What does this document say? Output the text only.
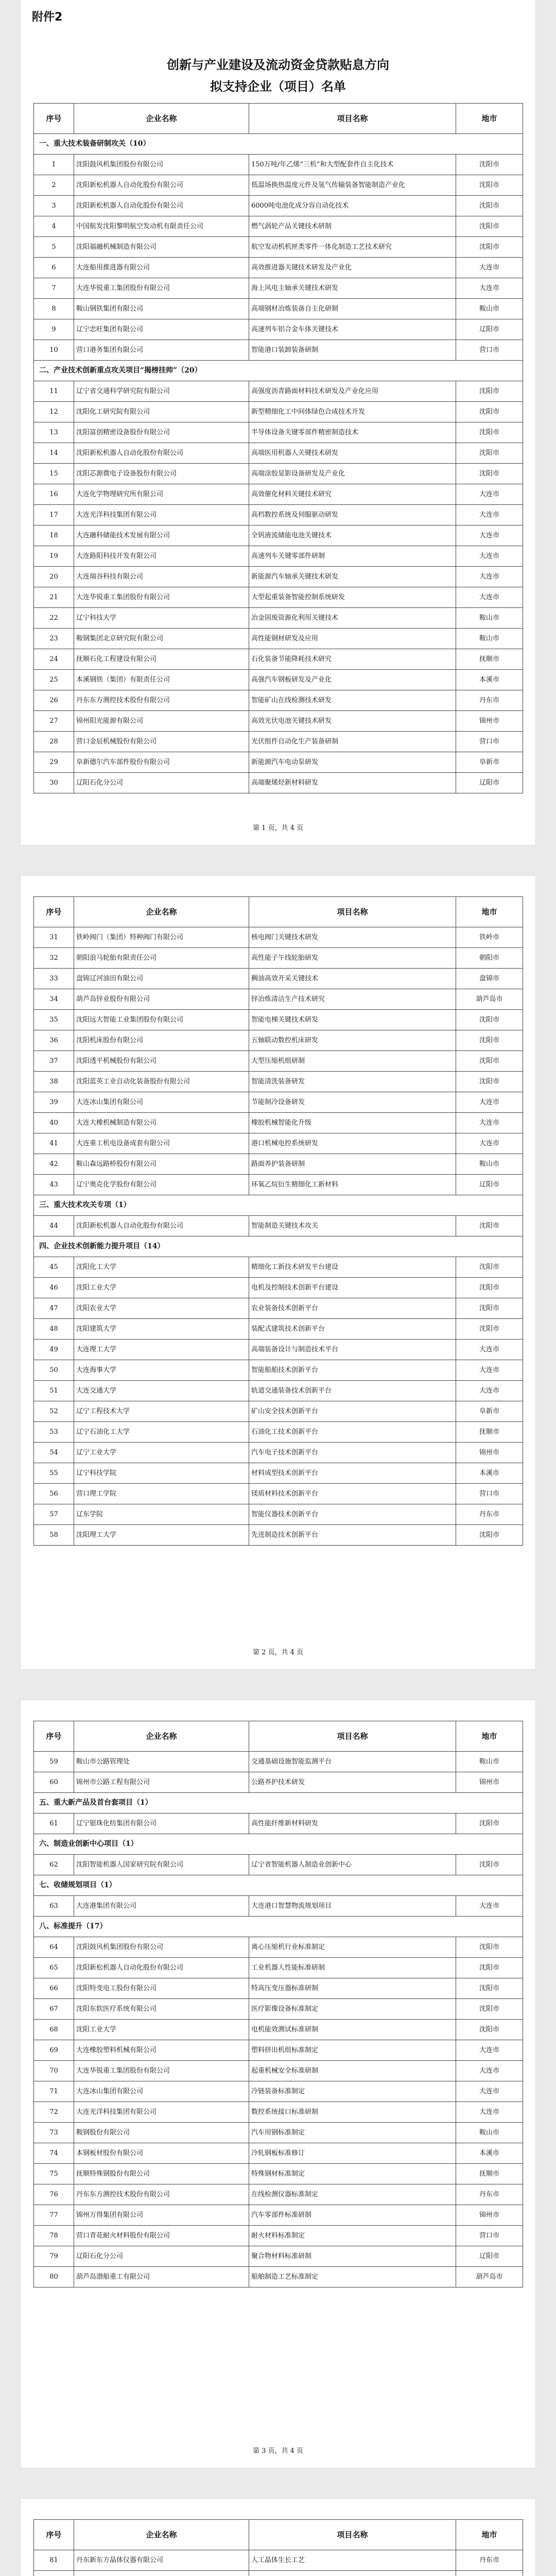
附件2
创新与产业建设及流动资金贷款贴息方向
拟支持企业（项目）名单
序号	企业名称	项目名称	地市
一、重大技术装备研制攻关（10）			
1	沈阳鼓风机集团股份有限公司	150万吨/年乙烯“三机”和大型配套件自主化技术	沈阳市
2	沈阳新松机器人自动化股份有限公司	低温场换热温度元件及氢气传输装备智能制造产业化	沈阳市
3	沈阳新松机器人自动化股份有限公司	6000吨电池化成分容自动化技术	沈阳市
4	中国航发沈阳黎明航空发动机有限责任公司	燃气涡轮产品关键技术研制	沈阳市
5	沈阳福融机械制造有限公司	航空发动机机匣类零件一体化制造工艺技术研究	沈阳市
6	大连船用推进器有限公司	高效推进器关键技术研发及产业化	大连市
7	大连华锐重工集团股份有限公司	海上风电主轴承关键技术研发	大连市
8	鞍山钢铁集团有限公司	高端钢材冶炼装备自主化研制	鞍山市
9	辽宁忠旺集团有限公司	高速列车铝合金车体关键技术	辽阳市
10	营口港务集团有限公司	智能港口装卸装备研制	营口市
二、产业技术创新重点攻关项目“揭榜挂帅”（20）			
11	辽宁省交通科学研究院有限公司	高强度沥青路面材料技术研发及产业化应用	沈阳市
12	沈阳化工研究院有限公司	新型精细化工中间体绿色合成技术开发	沈阳市
13	沈阳富创精密设备股份有限公司	半导体设备关键零部件精密制造技术	沈阳市
14	沈阳新松机器人自动化股份有限公司	高端医用机器人关键技术研发	沈阳市
15	沈阳芯源微电子设备股份有限公司	高端涂胶显影设备研发及产业化	沈阳市
16	大连化学物理研究所有限公司	高效催化材料关键技术研究	大连市
17	大连光洋科技集团有限公司	高档数控系统及伺服驱动研发	大连市
18	大连融科储能技术发展有限公司	全钒液流储能电池关键技术	大连市
19	大连路阳科技开发有限公司	高速列车关键零部件研制	大连市
20	大连瑞谷科技有限公司	新能源汽车轴承关键技术研发	大连市
21	大连华锐重工集团股份有限公司	大型起重装备智能控制系统研发	大连市
22	辽宁科技大学	冶金固废资源化利用关键技术	鞍山市
23	鞍钢集团北京研究院有限公司	高性能钢材研发及应用	鞍山市
24	抚顺石化工程建设有限公司	石化装备节能降耗技术研究	抚顺市
25	本溪钢铁（集团）有限责任公司	高强汽车钢板研发及产业化	本溪市
26	丹东东方测控技术股份有限公司	智能矿山在线检测技术研发	丹东市
27	锦州阳光能源有限公司	高效光伏电池关键技术研发	锦州市
28	营口金辰机械股份有限公司	光伏组件自动化生产装备研制	营口市
29	阜新德尔汽车部件股份有限公司	新能源汽车电动泵研发	阜新市
30	辽阳石化分公司	高端聚烯烃新材料研发	辽阳市
第 1 页，共 4 页
序号	企业名称	项目名称	地市
31	铁岭阀门（集团）特种阀门有限公司	核电阀门关键技术研发	铁岭市
32	朝阳浪马轮胎有限责任公司	高性能子午线轮胎研发	朝阳市
33	盘锦辽河油田有限公司	稠油高效开采关键技术	盘锦市
34	葫芦岛锌业股份有限公司	锌冶炼清洁生产技术研究	葫芦岛市
35	沈阳远大智能工业集团股份有限公司	智能电梯关键技术研发	沈阳市
36	沈阳机床股份有限公司	五轴联动数控机床研发	沈阳市
37	沈阳透平机械股份有限公司	大型压缩机组研制	沈阳市
38	沈阳蓝英工业自动化装备股份有限公司	智能清洗装备研发	沈阳市
39	大连冰山集团有限公司	节能制冷设备研发	大连市
40	大连大橡机械制造有限公司	橡胶机械智能化升级	大连市
41	大连重工机电设备成套有限公司	港口机械电控系统研发	大连市
42	鞍山森远路桥股份有限公司	路面养护装备研制	鞍山市
43	辽宁奥克化学股份有限公司	环氧乙烷衍生精细化工新材料	辽阳市
三、重大技术攻关专项（1）			
44	沈阳新松机器人自动化股份有限公司	智能制造关键技术攻关	沈阳市
四、企业技术创新能力提升项目（14）			
45	沈阳化工大学	精细化工新技术研发平台建设	沈阳市
46	沈阳工业大学	电机及控制技术创新平台建设	沈阳市
47	沈阳农业大学	农业装备技术创新平台	沈阳市
48	沈阳建筑大学	装配式建筑技术创新平台	沈阳市
49	大连理工大学	高端装备设计与制造技术平台	大连市
50	大连海事大学	智能船舶技术创新平台	大连市
51	大连交通大学	轨道交通装备技术创新平台	大连市
52	辽宁工程技术大学	矿山安全技术创新平台	阜新市
53	辽宁石油化工大学	石油化工技术创新平台	抚顺市
54	辽宁工业大学	汽车电子技术创新平台	锦州市
55	辽宁科技学院	材料成型技术创新平台	本溪市
56	营口理工学院	镁质材料技术创新平台	营口市
57	辽东学院	智能仪器技术创新平台	丹东市
58	沈阳理工大学	先进制造技术创新平台	沈阳市
第 2 页，共 4 页
序号	企业名称	项目名称	地市
59	鞍山市公路管理处	交通基础设施智能监测平台	鞍山市
60	锦州市公路工程有限公司	公路养护技术研发	锦州市
五、重大新产品及首台套项目（1）			
61	辽宁银珠化纺集团有限公司	高性能纤维新材料研发	沈阳市
六、制造业创新中心项目（1）			
62	沈阳智能机器人国家研究院有限公司	辽宁省智能机器人制造业创新中心	沈阳市
七、收储规划项目（1）			
63	大连港集团有限公司	大连港口智慧物流规划项目	大连市
八、标准提升（17）			
64	沈阳鼓风机集团股份有限公司	离心压缩机行业标准制定	沈阳市
65	沈阳新松机器人自动化股份有限公司	工业机器人性能标准研制	沈阳市
66	沈阳特变电工股份有限公司	特高压变压器标准研制	沈阳市
67	沈阳东软医疗系统有限公司	医疗影像设备标准制定	沈阳市
68	沈阳工业大学	电机能效测试标准研制	沈阳市
69	大连橡胶塑料机械有限公司	塑料挤出机组标准制定	大连市
70	大连华锐重工集团股份有限公司	起重机械安全标准研制	大连市
71	大连冰山集团有限公司	冷链装备标准制定	大连市
72	大连光洋科技集团有限公司	数控系统接口标准研制	大连市
73	鞍钢股份有限公司	汽车用钢标准制定	鞍山市
74	本钢板材股份有限公司	冷轧钢板标准修订	本溪市
75	抚顺特殊钢股份有限公司	特殊钢材标准制定	抚顺市
76	丹东东方测控技术股份有限公司	在线检测仪器标准制定	丹东市
77	锦州万得集团有限公司	汽车零部件标准研制	锦州市
78	营口青花耐火材料股份有限公司	耐火材料标准制定	营口市
79	辽阳石化分公司	聚合物材料标准研制	辽阳市
80	葫芦岛渤船重工有限公司	船舶制造工艺标准制定	葫芦岛市
第 3 页，共 4 页
序号	企业名称	项目名称	地市
81	丹东新东方晶体仪器有限公司	人工晶体生长工艺	丹东市
